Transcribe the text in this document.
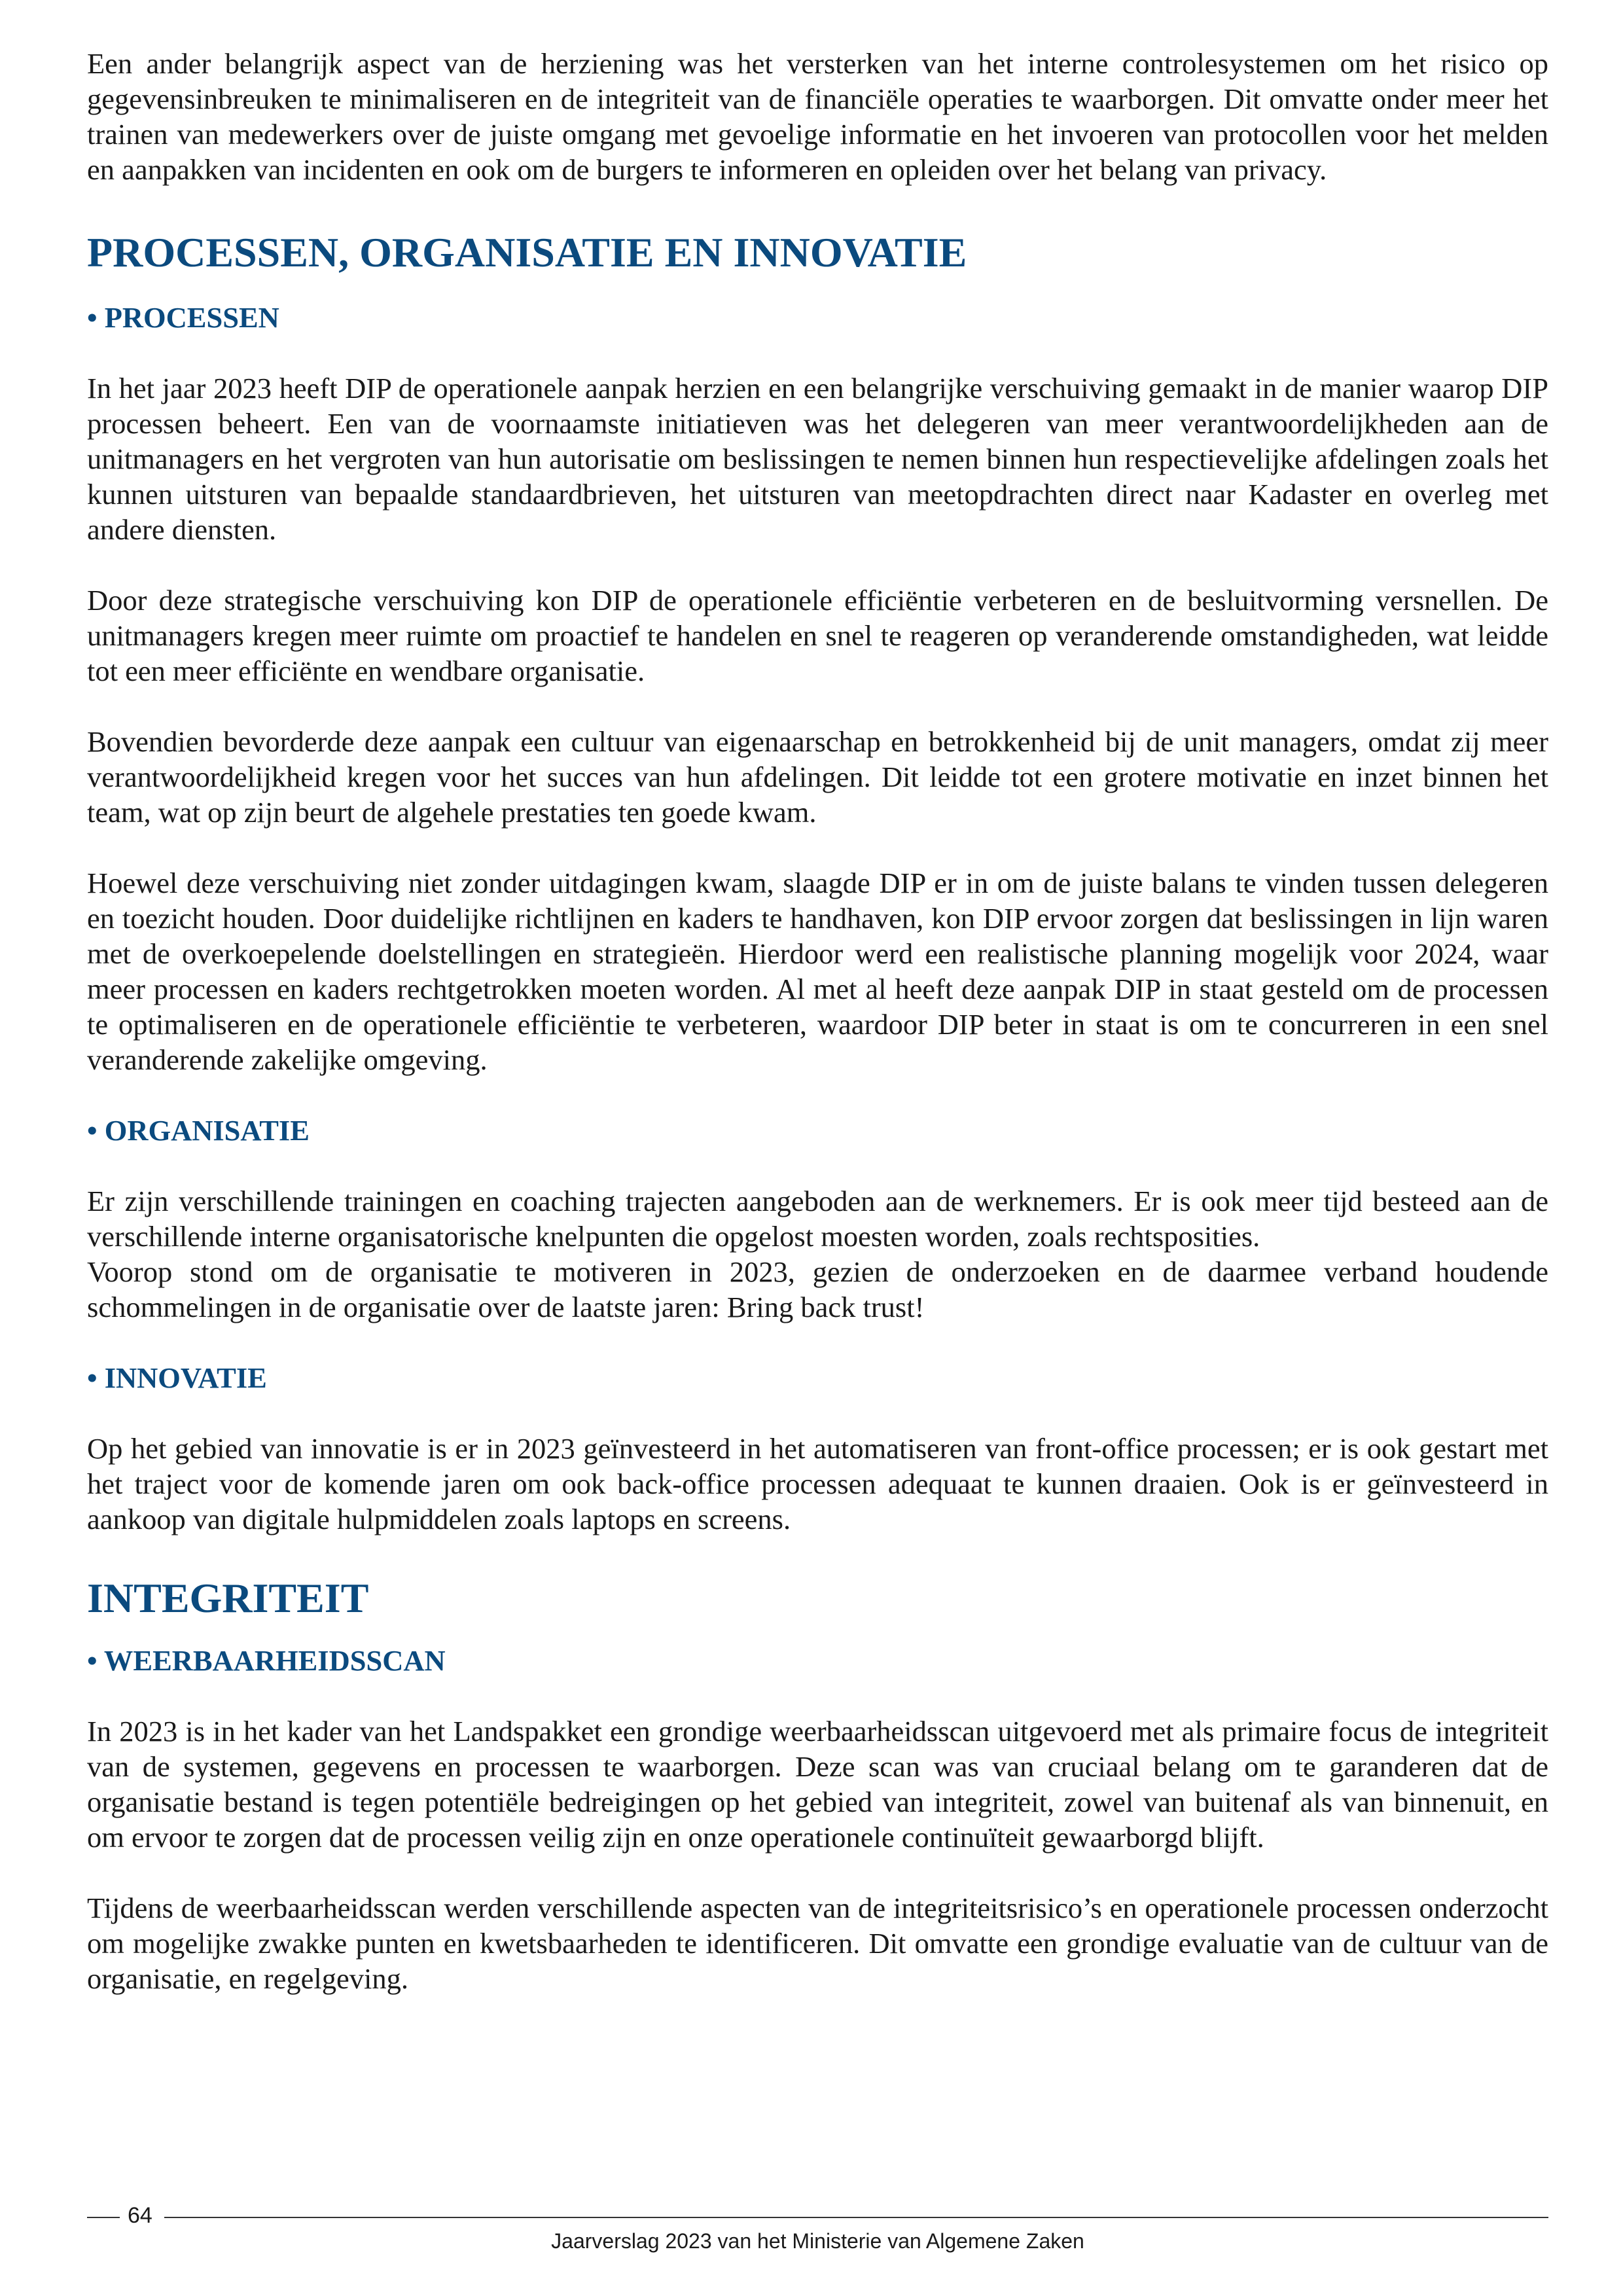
Een ander belangrijk aspect van de herziening was het versterken van het interne controlesystemen om het risico op gegevensinbreuken te minimaliseren en de integriteit van de financiële operaties te waarborgen. Dit omvatte onder meer het trainen van medewerkers over de juiste omgang met gevoelige informatie en het invoeren van protocollen voor het melden en aanpakken van incidenten en ook om de burgers te informeren en opleiden over het belang van privacy.

PROCESSEN, ORGANISATIE EN INNOVATIE
• PROCESSEN

In het jaar 2023 heeft DIP de operationele aanpak herzien en een belangrijke verschuiving gemaakt in de manier waarop DIP processen beheert. Een van de voornaamste initiatieven was het delegeren van meer verantwoordelijkheden aan de unitmanagers en het vergroten van hun autorisatie om beslissingen te nemen binnen hun respectievelijke afdelingen zoals het kunnen uitsturen van bepaalde standaardbrieven, het uitsturen van meetopdrachten direct naar Kadaster en overleg met andere diensten.

Door deze strategische verschuiving kon DIP de operationele efficiëntie verbeteren en de besluitvorming versnellen. De unitmanagers kregen meer ruimte om proactief te handelen en snel te reageren op veranderende omstandigheden, wat leidde tot een meer efficiënte en wendbare organisatie.

Bovendien bevorderde deze aanpak een cultuur van eigenaarschap en betrokkenheid bij de unit managers, omdat zij meer verantwoordelijkheid kregen voor het succes van hun afdelingen. Dit leidde tot een grotere motivatie en inzet binnen het team, wat op zijn beurt de algehele prestaties ten goede kwam.

Hoewel deze verschuiving niet zonder uitdagingen kwam, slaagde DIP er in om de juiste balans te vinden tussen delegeren en toezicht houden. Door duidelijke richtlijnen en kaders te handhaven, kon DIP ervoor zorgen dat beslissingen in lijn waren met de overkoepelende doelstellingen en strategieën. Hierdoor werd een realistische planning mogelijk voor 2024, waar meer processen en kaders rechtgetrokken moeten worden. Al met al heeft deze aanpak DIP in staat gesteld om de processen te optimaliseren en de operationele efficiëntie te verbeteren, waardoor DIP beter in staat is om te concurreren in een snel veranderende zakelijke omgeving.

• ORGANISATIE

Er zijn verschillende trainingen en coaching trajecten aangeboden aan de werknemers. Er is ook meer tijd besteed aan de verschillende interne organisatorische knelpunten die opgelost moesten worden, zoals rechtsposities.

Voorop stond om de organisatie te motiveren in 2023, gezien de onderzoeken en de daarmee verband houdende schommelingen in de organisatie over de laatste jaren: Bring back trust!

• INNOVATIE

Op het gebied van innovatie is er in 2023 geïnvesteerd in het automatiseren van front-office processen; er is ook gestart met het traject voor de komende jaren om ook back-office processen adequaat te kunnen draaien. Ook is er geïnvesteerd in aankoop van digitale hulpmiddelen zoals laptops en screens.

INTEGRITEIT
• WEERBAARHEIDSSCAN

In 2023 is in het kader van het Landspakket een grondige weerbaarheidsscan uitgevoerd met als primaire focus de integriteit van de systemen, gegevens en processen te waarborgen. Deze scan was van cruciaal belang om te garanderen dat de organisatie bestand is tegen potentiële bedreigingen op het gebied van integriteit, zowel van buitenaf als van binnenuit, en om ervoor te zorgen dat de processen veilig zijn en onze operationele continuïteit gewaarborgd blijft.

Tijdens de weerbaarheidsscan werden verschillende aspecten van de integriteitsrisico’s en operationele processen onderzocht om mogelijke zwakke punten en kwetsbaarheden te identificeren. Dit omvatte een grondige evaluatie van de cultuur van de organisatie, en regelgeving.

64
Jaarverslag 2023 van het Ministerie van Algemene Zaken
